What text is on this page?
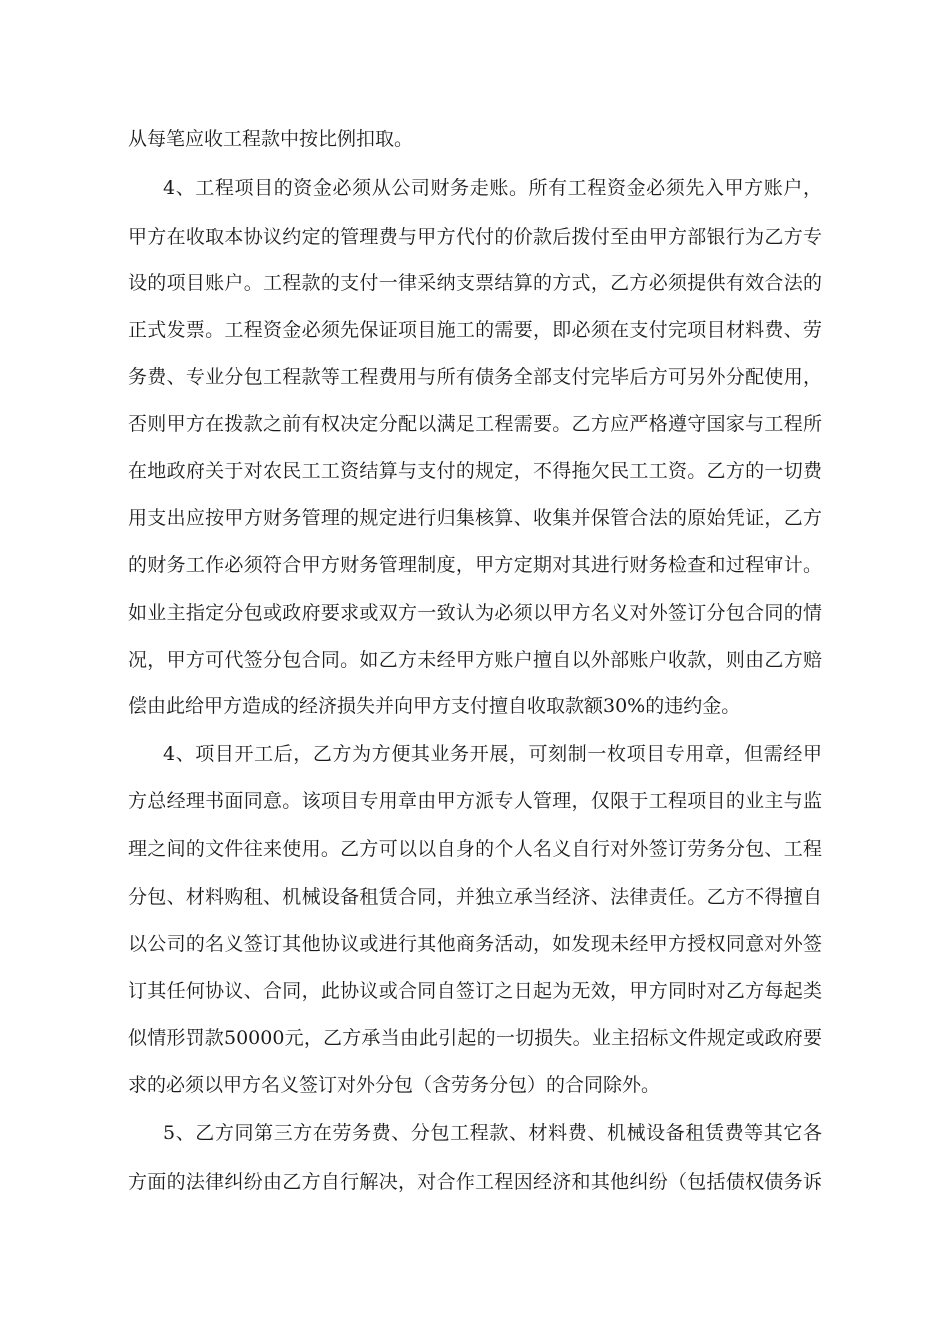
从每笔应收工程款中按比例扣取。
4、工程项目的资金必须从公司财务走账。所有工程资金必须先入甲方账户，
甲方在收取本协议约定的管理费与甲方代付的价款后拨付至由甲方部银行为乙方专
设的项目账户。工程款的支付一律采纳支票结算的方式，乙方必须提供有效合法的
正式发票。工程资金必须先保证项目施工的需要，即必须在支付完项目材料费、劳
务费、专业分包工程款等工程费用与所有债务全部支付完毕后方可另外分配使用，
否则甲方在拨款之前有权决定分配以满足工程需要。乙方应严格遵守国家与工程所
在地政府关于对农民工工资结算与支付的规定，不得拖欠民工工资。乙方的一切费
用支出应按甲方财务管理的规定进行归集核算、收集并保管合法的原始凭证，乙方
的财务工作必须符合甲方财务管理制度，甲方定期对其进行财务检查和过程审计。
如业主指定分包或政府要求或双方一致认为必须以甲方名义对外签订分包合同的情
况，甲方可代签分包合同。如乙方未经甲方账户擅自以外部账户收款，则由乙方赔
偿由此给甲方造成的经济损失并向甲方支付擅自收取款额30%的违约金。
4、项目开工后，乙方为方便其业务开展，可刻制一枚项目专用章，但需经甲
方总经理书面同意。该项目专用章由甲方派专人管理，仅限于工程项目的业主与监
理之间的文件往来使用。乙方可以以自身的个人名义自行对外签订劳务分包、工程
分包、材料购租、机械设备租赁合同，并独立承当经济、法律责任。乙方不得擅自
以公司的名义签订其他协议或进行其他商务活动，如发现未经甲方授权同意对外签
订其任何协议、合同，此协议或合同自签订之日起为无效，甲方同时对乙方每起类
似情形罚款50000元，乙方承当由此引起的一切损失。业主招标文件规定或政府要
求的必须以甲方名义签订对外分包（含劳务分包）的合同除外。
5、乙方同第三方在劳务费、分包工程款、材料费、机械设备租赁费等其它各
方面的法律纠纷由乙方自行解决，对合作工程因经济和其他纠纷（包括债权债务诉
